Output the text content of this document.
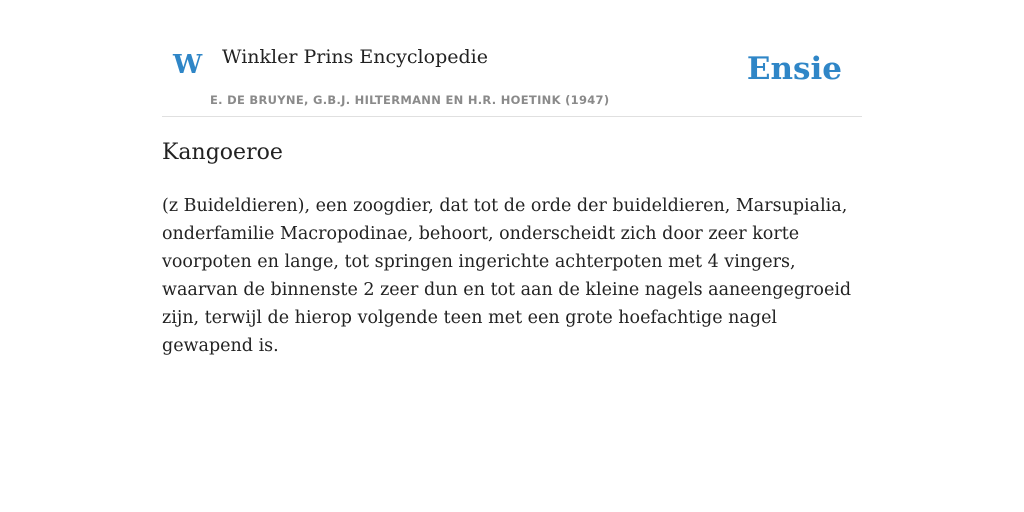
W Winkler Prins Encyclopedie
E. DE BRUYNE, G.B.J. HILTERMANN EN H.R. HOETINK (1947)
Ensie
Kangoeroe

(z Buideldieren), een zoogdier, dat tot de orde der buideldieren, Marsupialia, onderfamilie Macropodinae, behoort, onderscheidt zich door zeer korte voorpoten en lange, tot springen ingerichte achterpoten met 4 vingers, waarvan de binnenste 2 zeer dun en tot aan de kleine nagels aaneengegroeid zijn, terwijl de hierop volgende teen met een grote hoefachtige nagel gewapend is.
